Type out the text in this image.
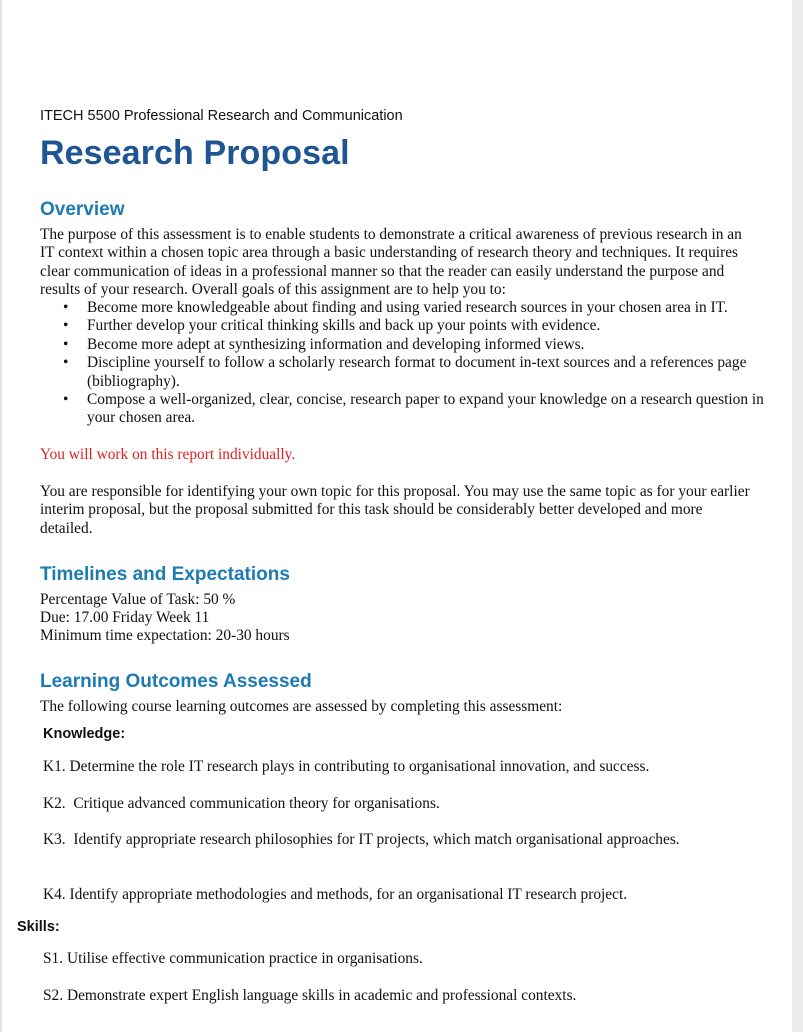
ITECH 5500 Professional Research and Communication

Research Proposal
Overview

The purpose of this assessment is to enable students to demonstrate a critical awareness of previous research in an IT context within a chosen topic area through a basic understanding of research theory and techniques. It requires clear communication of ideas in a professional manner so that the reader can easily understand the purpose and results of your research. Overall goals of this assignment are to help you to:

• Become more knowledgeable about finding and using varied research sources in your chosen area in IT.
• Further develop your critical thinking skills and back up your points with evidence.
• Become more adept at synthesizing information and developing informed views.
• Discipline yourself to follow a scholarly research format to document in-text sources and a references page (bibliography).
• Compose a well-organized, clear, concise, research paper to expand your knowledge on a research question in your chosen area.

You will work on this report individually.

You are responsible for identifying your own topic for this proposal. You may use the same topic as for your earlier interim proposal, but the proposal submitted for this task should be considerably better developed and more detailed.

Timelines and Expectations

Percentage Value of Task: 50 %

Due: 17.00 Friday Week 11

Minimum time expectation: 20-30 hours

Learning Outcomes Assessed

The following course learning outcomes are assessed by completing this assessment:

Knowledge:

K1. Determine the role IT research plays in contributing to organisational innovation, and success.

K2.  Critique advanced communication theory for organisations.

K3.  Identify appropriate research philosophies for IT projects, which match organisational approaches.

K4. Identify appropriate methodologies and methods, for an organisational IT research project.

Skills:

S1. Utilise effective communication practice in organisations.

S2. Demonstrate expert English language skills in academic and professional contexts.
